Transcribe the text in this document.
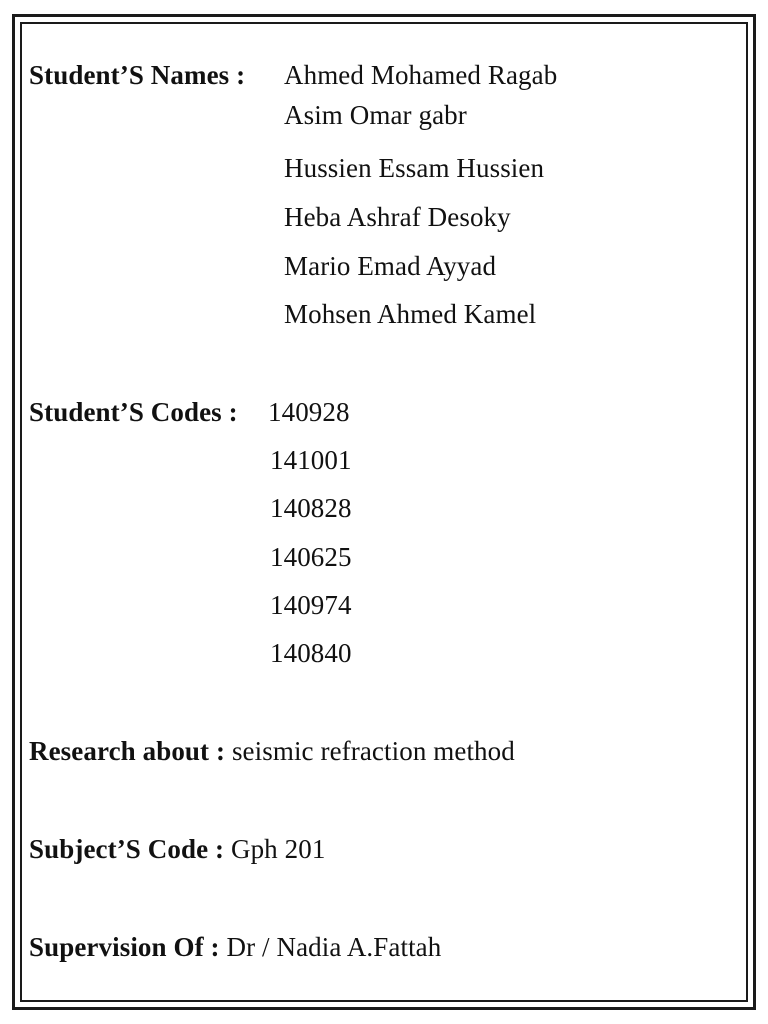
Student’S Names : Ahmed Mohamed Ragab
Asim Omar gabr
Hussien Essam Hussien
Heba Ashraf Desoky
Mario Emad Ayyad
Mohsen Ahmed Kamel
Student’S Codes : 140928
141001
140828
140625
140974
140840
Research about : seismic refraction method
Subject’S Code : Gph 201
Supervision Of : Dr / Nadia A.Fattah
